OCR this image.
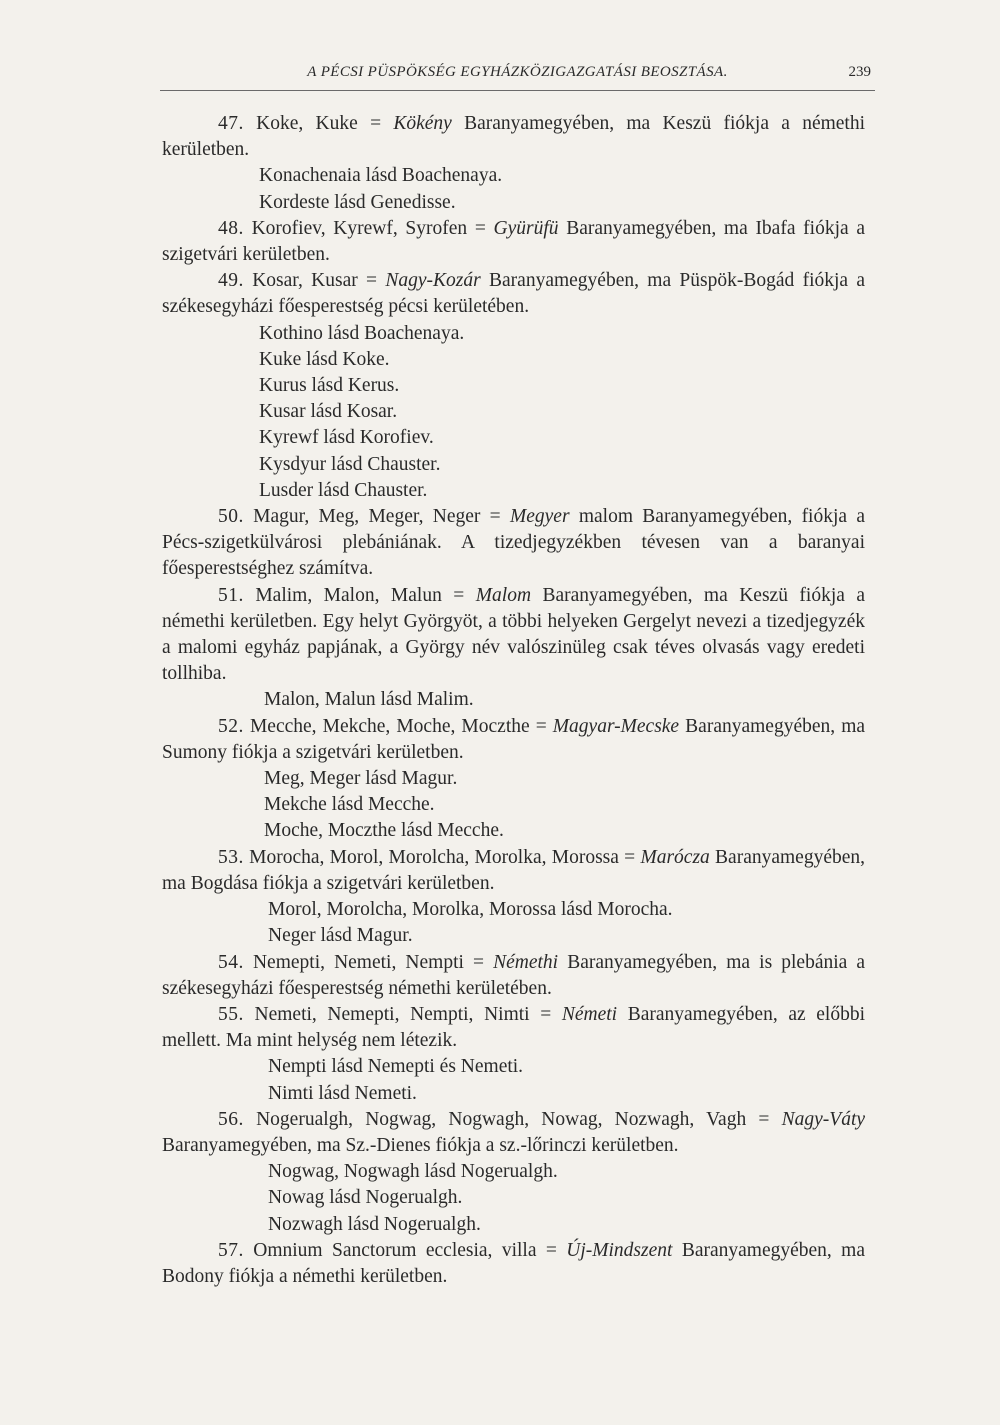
A PÉCSI PÜSPÖKSÉG EGYHÁZKÖZIGAZGATÁSI BEOSZTÁSA.	239

47. Koke, Kuke = Kökény Baranyamegyében, ma Keszü fiókja a némethi kerületben.

Konachenaia lásd Boachenaya.

Kordeste lásd Genedisse.

48. Korofiev, Kyrewf, Syrofen = Gyürüfü Baranyamegyében, ma Ibafa fiókja a szigetvári kerületben.

49. Kosar, Kusar = Nagy-Kozár Baranyamegyében, ma Püspök-Bogád fiókja a székesegyházi főesperestség pécsi kerületében.

Kothino lásd Boachenaya.

Kuke lásd Koke.

Kurus lásd Kerus.

Kusar lásd Kosar.

Kyrewf lásd Korofiev.

Kysdyur lásd Chauster.

Lusder lásd Chauster.

50. Magur, Meg, Meger, Neger = Megyer malom Baranyamegyében, fiókja a Pécs-szigetkülvárosi plebániának. A tizedjegyzékben tévesen van a baranyai főesperestséghez számítva.

51. Malim, Malon, Malun = Malom Baranyamegyében, ma Keszü fiókja a némethi kerületben. Egy helyt Györgyöt, a többi helyeken Gergelyt nevezi a tizedjegyzék a malomi egyház papjának, a György név valószinüleg csak téves olvasás vagy eredeti tollhiba.

Malon, Malun lásd Malim.

52. Mecche, Mekche, Moche, Moczthe = Magyar-Mecske Baranyamegyében, ma Sumony fiókja a szigetvári kerületben.

Meg, Meger lásd Magur.

Mekche lásd Mecche.

Moche, Moczthe lásd Mecche.

53. Morocha, Morol, Morolcha, Morolka, Morossa = Maróczа Baranyamegyében, ma Bogdása fiókja a szigetvári kerületben.

Morol, Morolcha, Morolka, Morossa lásd Morocha.

Neger lásd Magur.

54. Nemepti, Nemeti, Nempti = Némethi Baranyamegyében, ma is plebánia a székesegyházi főesperestség némethi kerületében.

55. Nemeti, Nemepti, Nempti, Nimti = Németi Baranyamegyében, az előbbi mellett. Ma mint helység nem létezik.

Nempti lásd Nemepti és Nemeti.

Nimti lásd Nemeti.

56. Nogerualgh, Nogwag, Nogwagh, Nowag, Nozwagh, Vagh = Nagy-Váty Baranyamegyében, ma Sz.-Dienes fiókja a sz.-lőrinczi kerületben.

Nogwag, Nogwagh lásd Nogerualgh.

Nowag lásd Nogerualgh.

Nozwagh lásd Nogerualgh.

57. Omnium Sanctorum ecclesia, villa = Új-Mindszent Baranyamegyében, ma Bodony fiókja a némethi kerületben.
